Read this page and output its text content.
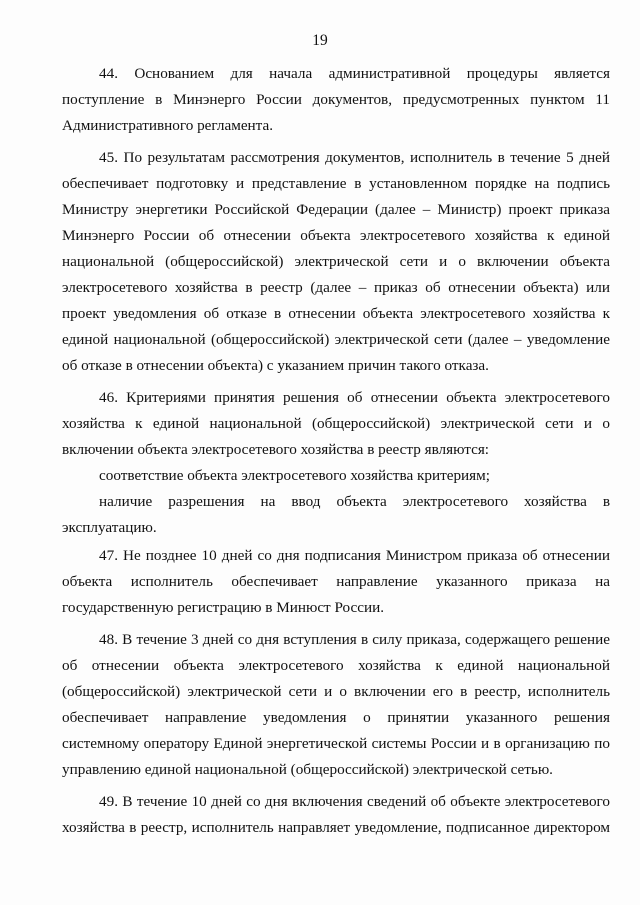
19
44. Основанием для начала административной процедуры является
поступление в Минэнерго России документов, предусмотренных пунктом 11
Административного регламента.
45. По результатам рассмотрения документов, исполнитель в течение 5 дней
обеспечивает подготовку и представление в установленном порядке на подпись
Министру энергетики Российской Федерации (далее – Министр) проект приказа
Минэнерго России об отнесении объекта электросетевого хозяйства к единой
национальной (общероссийской) электрической сети и о включении объекта
электросетевого хозяйства в реестр (далее – приказ об отнесении объекта) или
проект уведомления об отказе в отнесении объекта электросетевого хозяйства к
единой национальной (общероссийской) электрической сети (далее – уведомление
об отказе в отнесении объекта) с указанием причин такого отказа.
46. Критериями принятия решения об отнесении объекта электросетевого
хозяйства к единой национальной (общероссийской) электрической сети и о
включении объекта электросетевого хозяйства в реестр являются:
соответствие объекта электросетевого хозяйства критериям;
наличие разрешения на ввод объекта электросетевого хозяйства в
эксплуатацию.
47. Не позднее 10 дней со дня подписания Министром приказа об отнесении
объекта исполнитель обеспечивает направление указанного приказа на
государственную регистрацию в Минюст России.
48. В течение 3 дней со дня вступления в силу приказа, содержащего решение
об отнесении объекта электросетевого хозяйства к единой национальной
(общероссийской) электрической сети и о включении его в реестр, исполнитель
обеспечивает направление уведомления о принятии указанного решения
системному оператору Единой энергетической системы России и в организацию по
управлению единой национальной (общероссийской) электрической сетью.
49. В течение 10 дней со дня включения сведений об объекте электросетевого
хозяйства в реестр, исполнитель направляет уведомление, подписанное директором
